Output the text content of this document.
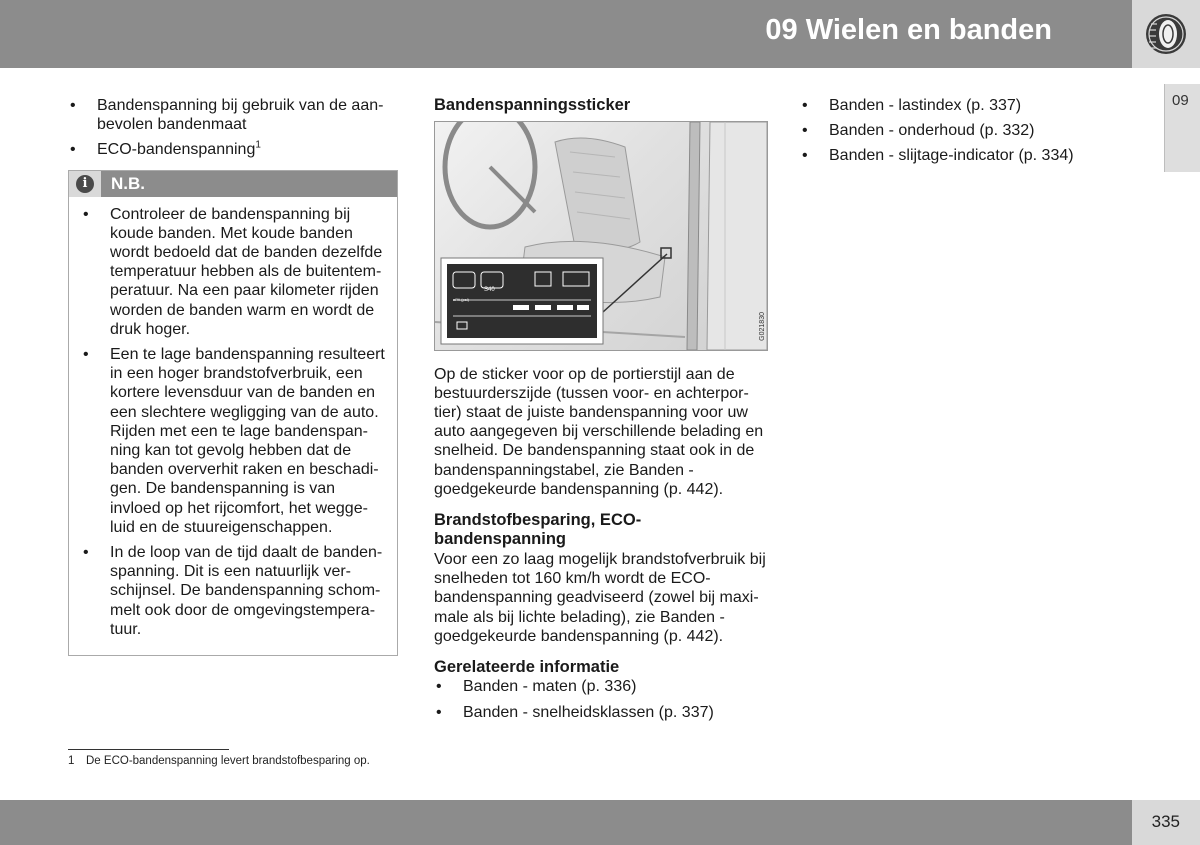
09 Wielen en banden
09
• Bandenspanning bij gebruik van de aan- bevolen bandenmaat
• ECO-bandenspanning$^1$
i	N.B.
• Controleer de bandenspanning bij koude banden. Met koude banden wordt bedoeld dat de banden dezelfde temperatuur hebben als de buitentem- peratuur. Na een paar kilometer rijden worden de banden warm en wordt de druk hoger.
• Een te lage bandenspanning resulteert in een hoger brandstofverbruik, een kortere levensduur van de banden en een slechtere wegligging van de auto. Rijden met een te lage bandenspan- ning kan tot gevolg hebben dat de banden oververhit raken en beschadi- gen. De bandenspanning is van invloed op het rijcomfort, het wegge- luid en de stuureigenschappen.
• In de loop van de tijd daalt de banden- spanning. Dit is een natuurlijk ver- schijnsel. De bandenspanning schom- melt ook door de omgevingstempera- tuur.
Bandenspanningssticker
S40
ePA (psi)
VOLVO
G021830

Op de sticker voor op de portierstijl aan de bestuurderszijde (tussen voor- en achterpor- tier) staat de juiste bandenspanning voor uw auto aangegeven bij verschillende belading en snelheid. De bandenspanning staat ook in de bandenspanningstabel, zie Banden - goedgekeurde bandenspanning (p. 442).

Brandstofbesparing, ECO- bandenspanning

Voor een zo laag mogelijk brandstofverbruik bij snelheden tot 160 km/h wordt de ECO- bandenspanning geadviseerd (zowel bij maxi- male als bij lichte belading), zie Banden - goedgekeurde bandenspanning (p. 442).

Gerelateerde informatie
• Banden - maten (p. 336)
• Banden - snelheidsklassen (p. 337)
• Banden - lastindex (p. 337)
• Banden - onderhoud (p. 332)
• Banden - slijtage-indicator (p. 334)
1 De ECO-bandenspanning levert brandstofbesparing op.
335
